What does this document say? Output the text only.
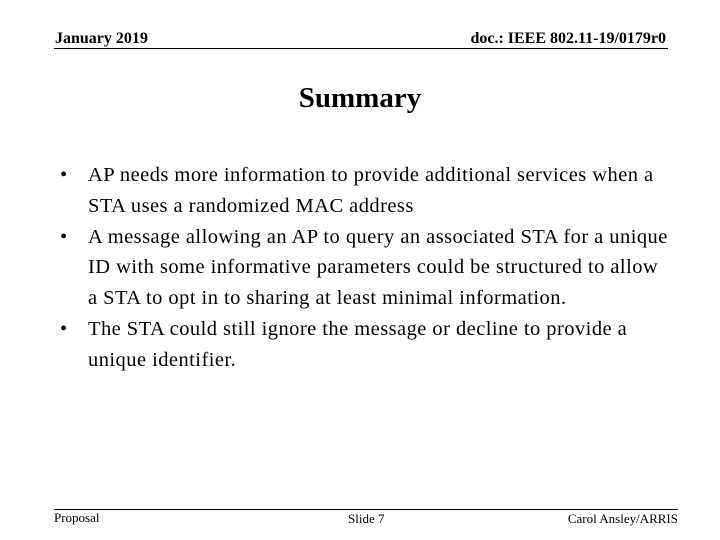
January 2019	doc.: IEEE 802.11-19/0179r0
Summary
• AP needs more information to provide additional services when a STA uses a randomized MAC address
• A message allowing an AP to query an associated STA for a unique ID with some informative parameters could be structured to allow a STA to opt in to sharing at least minimal information.
• The STA could still ignore the message or decline to provide a unique identifier.
Proposal	Slide 7	Carol Ansley/ARRIS
